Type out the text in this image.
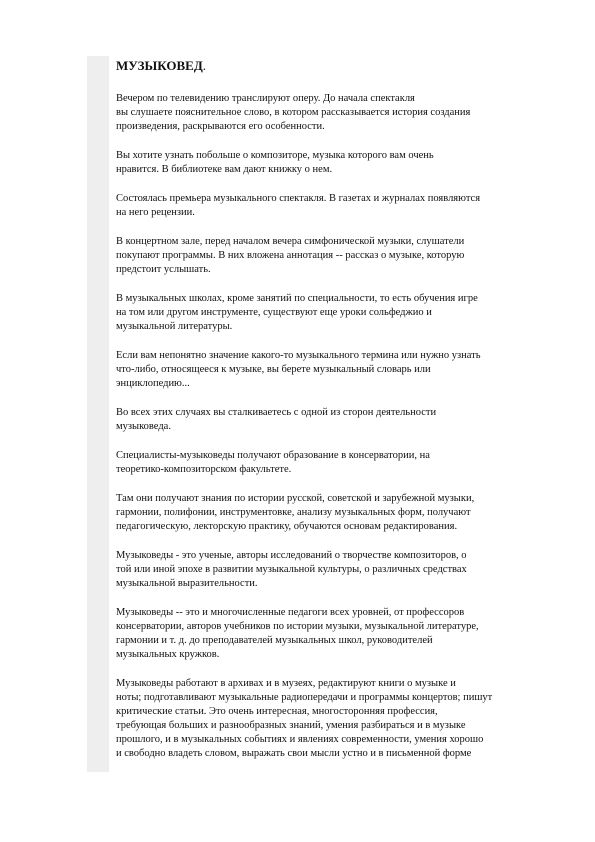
МУЗЫКОВЕД.

Вечером по телевидению транслируют оперу. До начала спектакля
вы слушаете пояснительное слово, в котором рассказывается история создания
произведения, раскрываются его особенности.

Вы хотите узнать побольше о композиторе, музыка которого вам очень
нравится. В библиотеке вам дают книжку о нем.

Состоялась премьера музыкального спектакля. В газетах и журналах появляются
на него рецензии.

В концертном зале, перед началом вечера симфонической музыки, слушатели
покупают программы. В них вложена аннотация -- рассказ о музыке, которую
предстоит услышать.

В музыкальных школах, кроме занятий по специальности, то есть обучения игре
на том или другом инструменте, существуют еще уроки сольфеджио и
музыкальной литературы.

Если вам непонятно значение какого-то музыкального термина или нужно узнать
что-либо, относящееся к музыке, вы берете музыкальный словарь или
энциклопедию...

Во всех этих случаях вы сталкиваетесь с одной из сторон деятельности
музыковеда.

Специалисты-музыковеды получают образование в консерватории, на
теоретико-композиторском факультете.

Там они получают знания по истории русской, советской и зарубежной музыки,
гармонии, полифонии, инструментовке, анализу музыкальных форм, получают
педагогическую, лекторскую практику, обучаются основам редактирования.

Музыковеды - это ученые, авторы исследований о творчестве композиторов, о
той или иной эпохе в развитии музыкальной культуры, о различных средствах
музыкальной выразительности.

Музыковеды -- это и многочисленные педагоги всех уровней, от профессоров
консерватории, авторов учебников по истории музыки, музыкальной литературе,
гармонии и т. д. до преподавателей музыкальных школ, руководителей
музыкальных кружков.

Музыковеды работают в архивах и в музеях, редактируют книги о музыке и
ноты; подготавливают музыкальные радиопередачи и программы концертов; пишут
критические статьи. Это очень интересная, многосторонняя профессия,
требующая больших и разнообразных знаний, умения разбираться и в музыке
прошлого, и в музыкальных событиях и явлениях современности, умения хорошо
и свободно владеть словом, выражать свои мысли устно и в письменной форме
